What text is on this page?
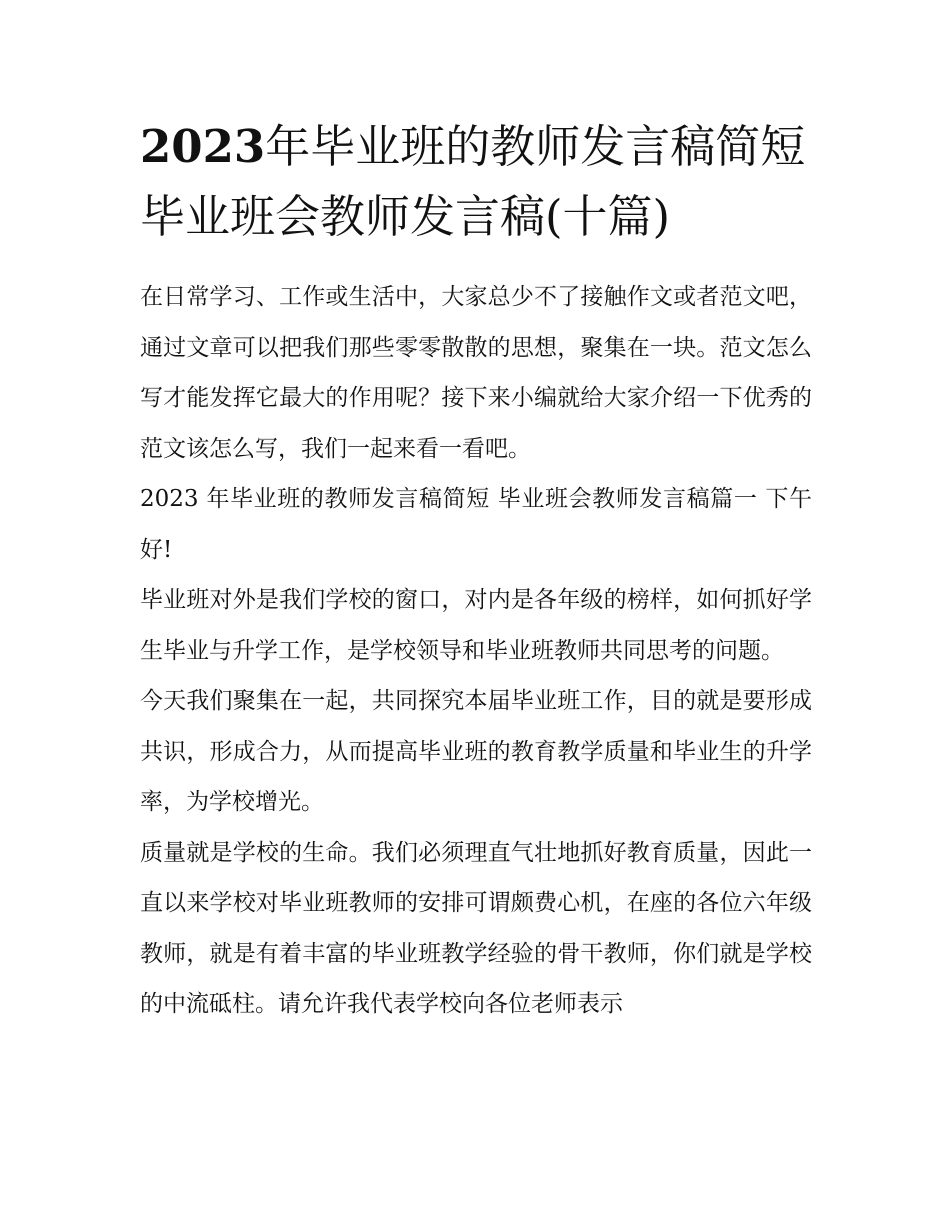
2023年毕业班的教师发言稿简短 毕业班会教师发言稿(十篇)

在日常学习、工作或生活中，大家总少不了接触作文或者范文吧，通过文章可以把我们那些零零散散的思想，聚集在一块。范文怎么写才能发挥它最大的作用呢？接下来小编就给大家介绍一下优秀的范文该怎么写，我们一起来看一看吧。

2023 年毕业班的教师发言稿简短 毕业班会教师发言稿篇一 下午好!

毕业班对外是我们学校的窗口，对内是各年级的榜样，如何抓好学生毕业与升学工作，是学校领导和毕业班教师共同思考的问题。

今天我们聚集在一起，共同探究本届毕业班工作，目的就是要形成共识，形成合力，从而提高毕业班的教育教学质量和毕业生的升学率，为学校增光。

质量就是学校的生命。我们必须理直气壮地抓好教育质量，因此一直以来学校对毕业班教师的安排可谓颇费心机，在座的各位六年级教师，就是有着丰富的毕业班教学经验的骨干教师，你们就是学校的中流砥柱。请允许我代表学校向各位老师表示
